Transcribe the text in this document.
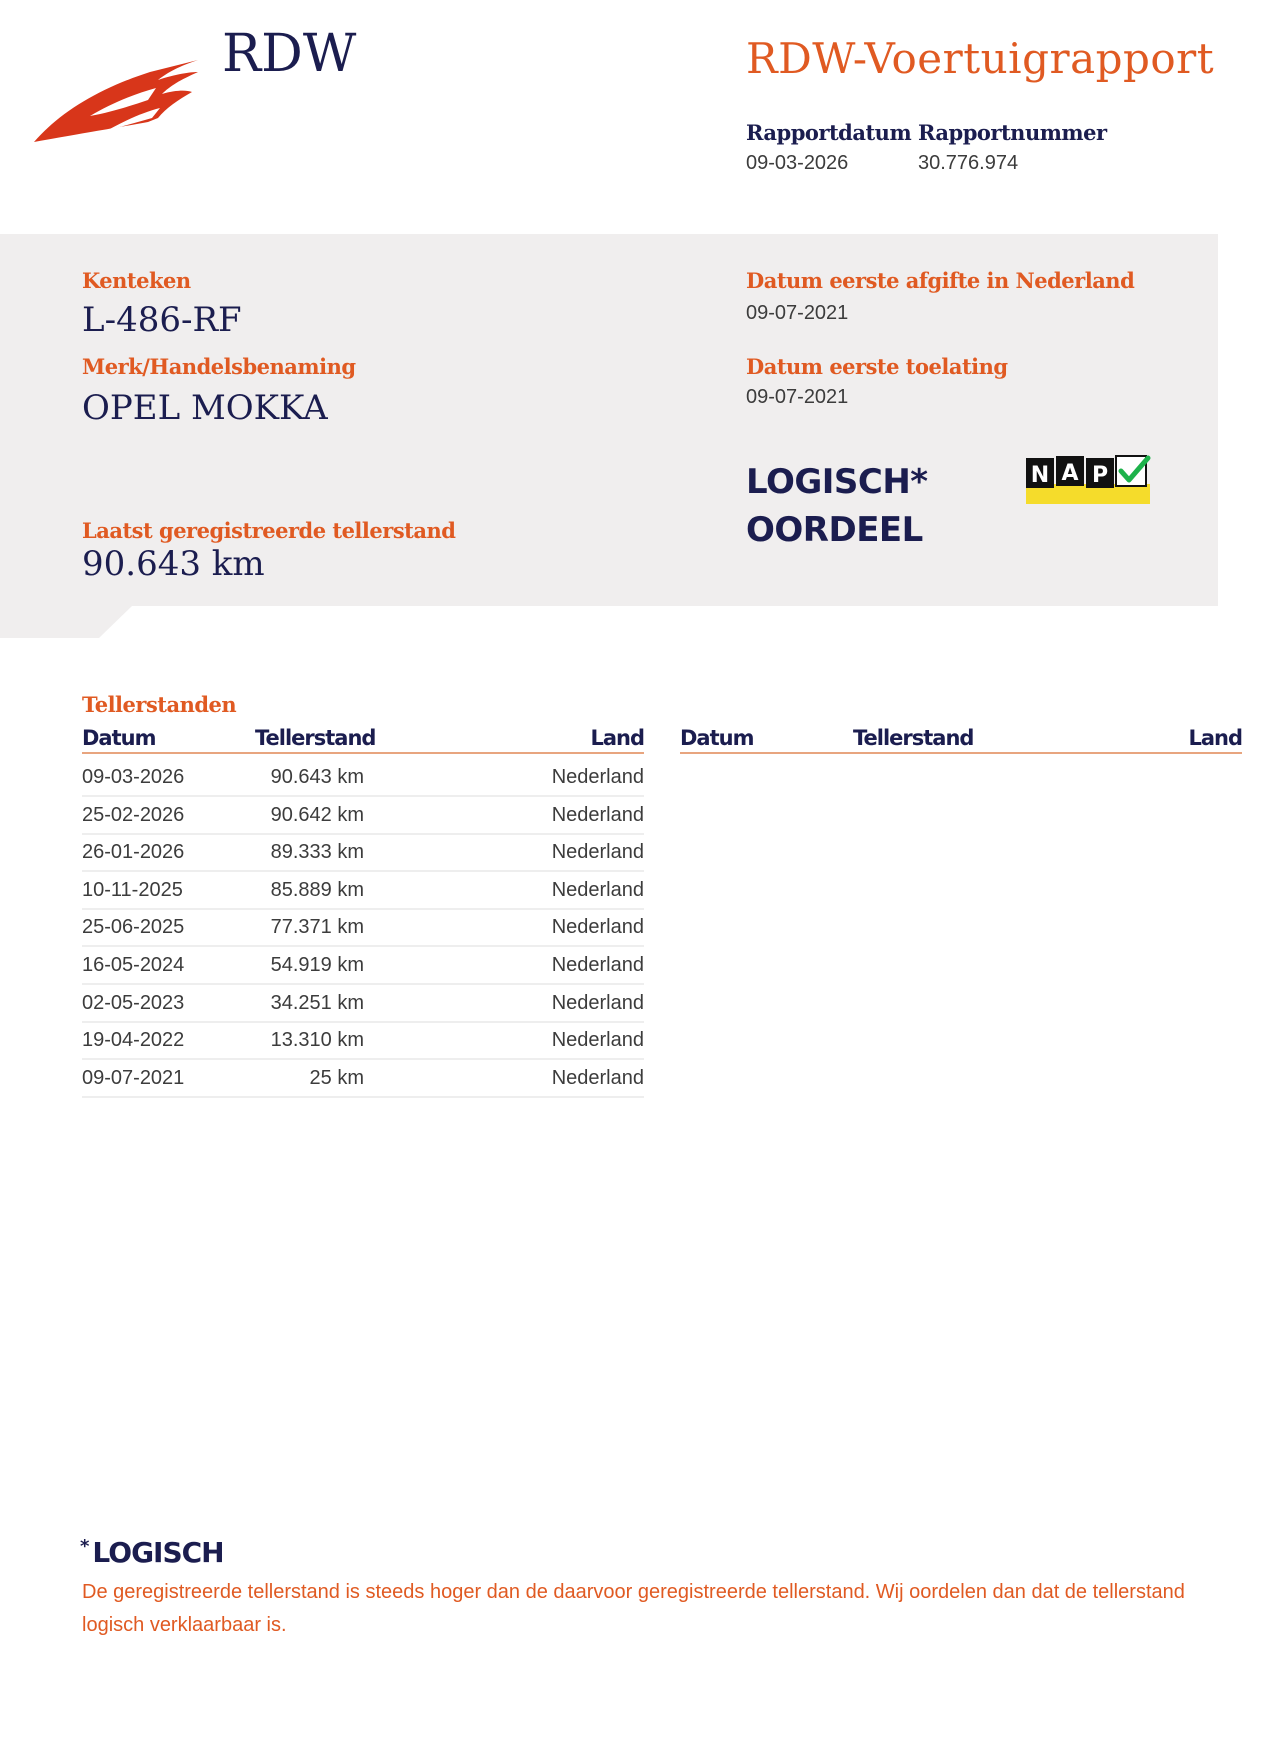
RDW	RDW-Voertuigrapport
Rapportdatum
09-03-2026
Rapportnummer
30.776.974
Kenteken
L-486-RF
Merk/Handelsbenaming
OPEL MOKKA
Laatst geregistreerde tellerstand
90.643 km
Datum eerste afgifte in Nederland
09-07-2021
Datum eerste toelating
09-07-2021
LOGISCH*
OORDEEL
N A P
Tellerstanden
Datum	Tellerstand	Land Datum	Tellerstand	Land
09-03-2026	90.643 km	Nederland
25-02-2026	90.642 km	Nederland
26-01-2026	89.333 km	Nederland
10-11-2025	85.889 km	Nederland
25-06-2025	77.371 km	Nederland
16-05-2024	54.919 km	Nederland
02-05-2023	34.251 km	Nederland
19-04-2022	13.310 km	Nederland
09-07-2021	25 km	Nederland
* LOGISCH
De geregistreerde tellerstand is steeds hoger dan de daarvoor geregistreerde tellerstand. Wij oordelen dan dat de tellerstand logisch verklaarbaar is.
